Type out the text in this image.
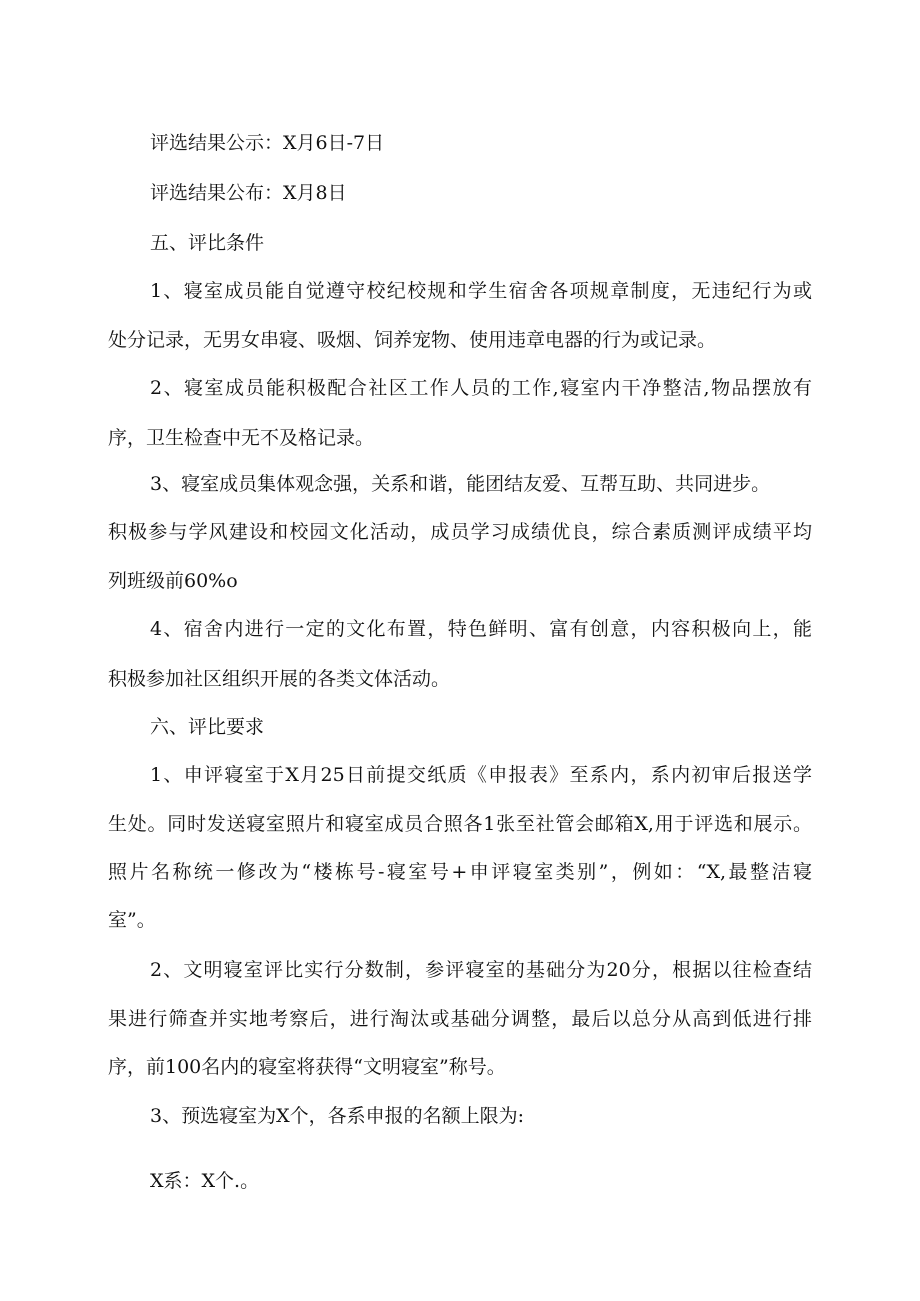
评选结果公示：X月6日-7日

评选结果公布：X月8日

五、评比条件

1、寝室成员能自觉遵守校纪校规和学生宿舍各项规章制度，无违纪行为或

处分记录，无男女串寝、吸烟、饲养宠物、使用违章电器的行为或记录。

2、寝室成员能积极配合社区工作人员的工作,寝室内干净整洁,物品摆放有

序，卫生检查中无不及格记录。

3、寝室成员集体观念强，关系和谐，能团结友爱、互帮互助、共同进步。

积极参与学风建设和校园文化活动，成员学习成绩优良，综合素质测评成绩平均

列班级前60%o

4、宿舍内进行一定的文化布置，特色鲜明、富有创意，内容积极向上，能

积极参加社区组织开展的各类文体活动。

六、评比要求

1、申评寝室于X月25日前提交纸质《申报表》至系内，系内初审后报送学

生处。同时发送寝室照片和寝室成员合照各1张至社管会邮箱X,用于评选和展示。

照片名称统一修改为“楼栋号-寝室号+申评寝室类别”，例如：“X,最整洁寝

室”。

2、文明寝室评比实行分数制，参评寝室的基础分为20分，根据以往检查结

果进行筛查并实地考察后，进行淘汰或基础分调整，最后以总分从高到低进行排

序，前100名内的寝室将获得“文明寝室”称号。

3、预选寝室为X个，各系申报的名额上限为:

X系：X个.。
